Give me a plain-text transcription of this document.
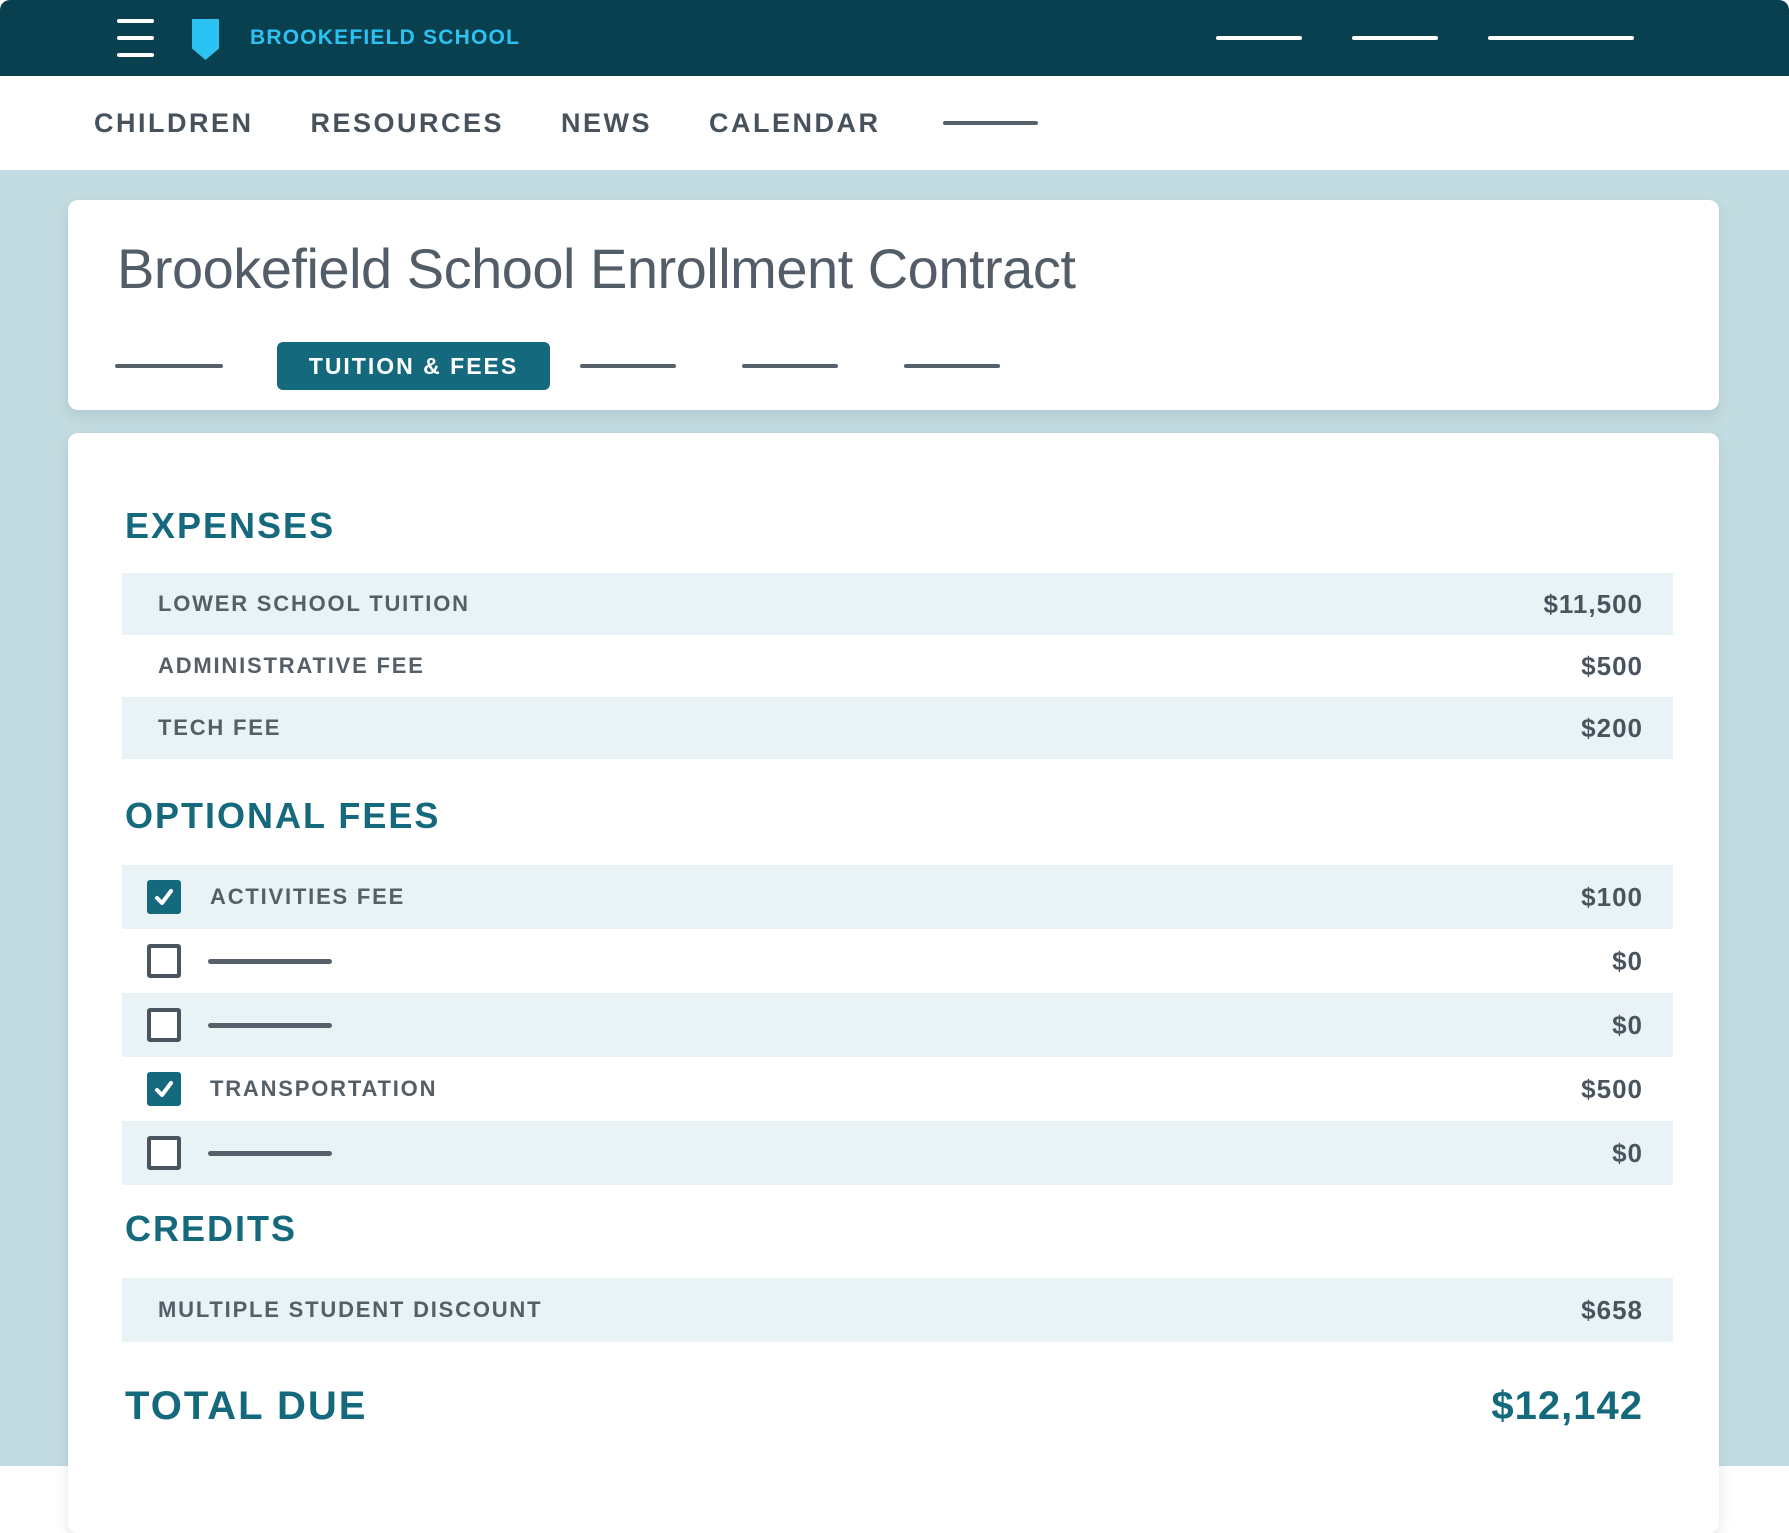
BROOKEFIELD SCHOOL
CHILDREN RESOURCES NEWS CALENDAR
Brookefield School Enrollment Contract
TUITION & FEES
EXPENSES
LOWER SCHOOL TUITION	$11,500
ADMINISTRATIVE FEE	$500
TECH FEE	$200
OPTIONAL FEES
ACTIVITIES FEE	$100
$0
$0
TRANSPORTATION	$500
$0
CREDITS
MULTIPLE STUDENT DISCOUNT	$658
TOTAL DUE	$12,142
